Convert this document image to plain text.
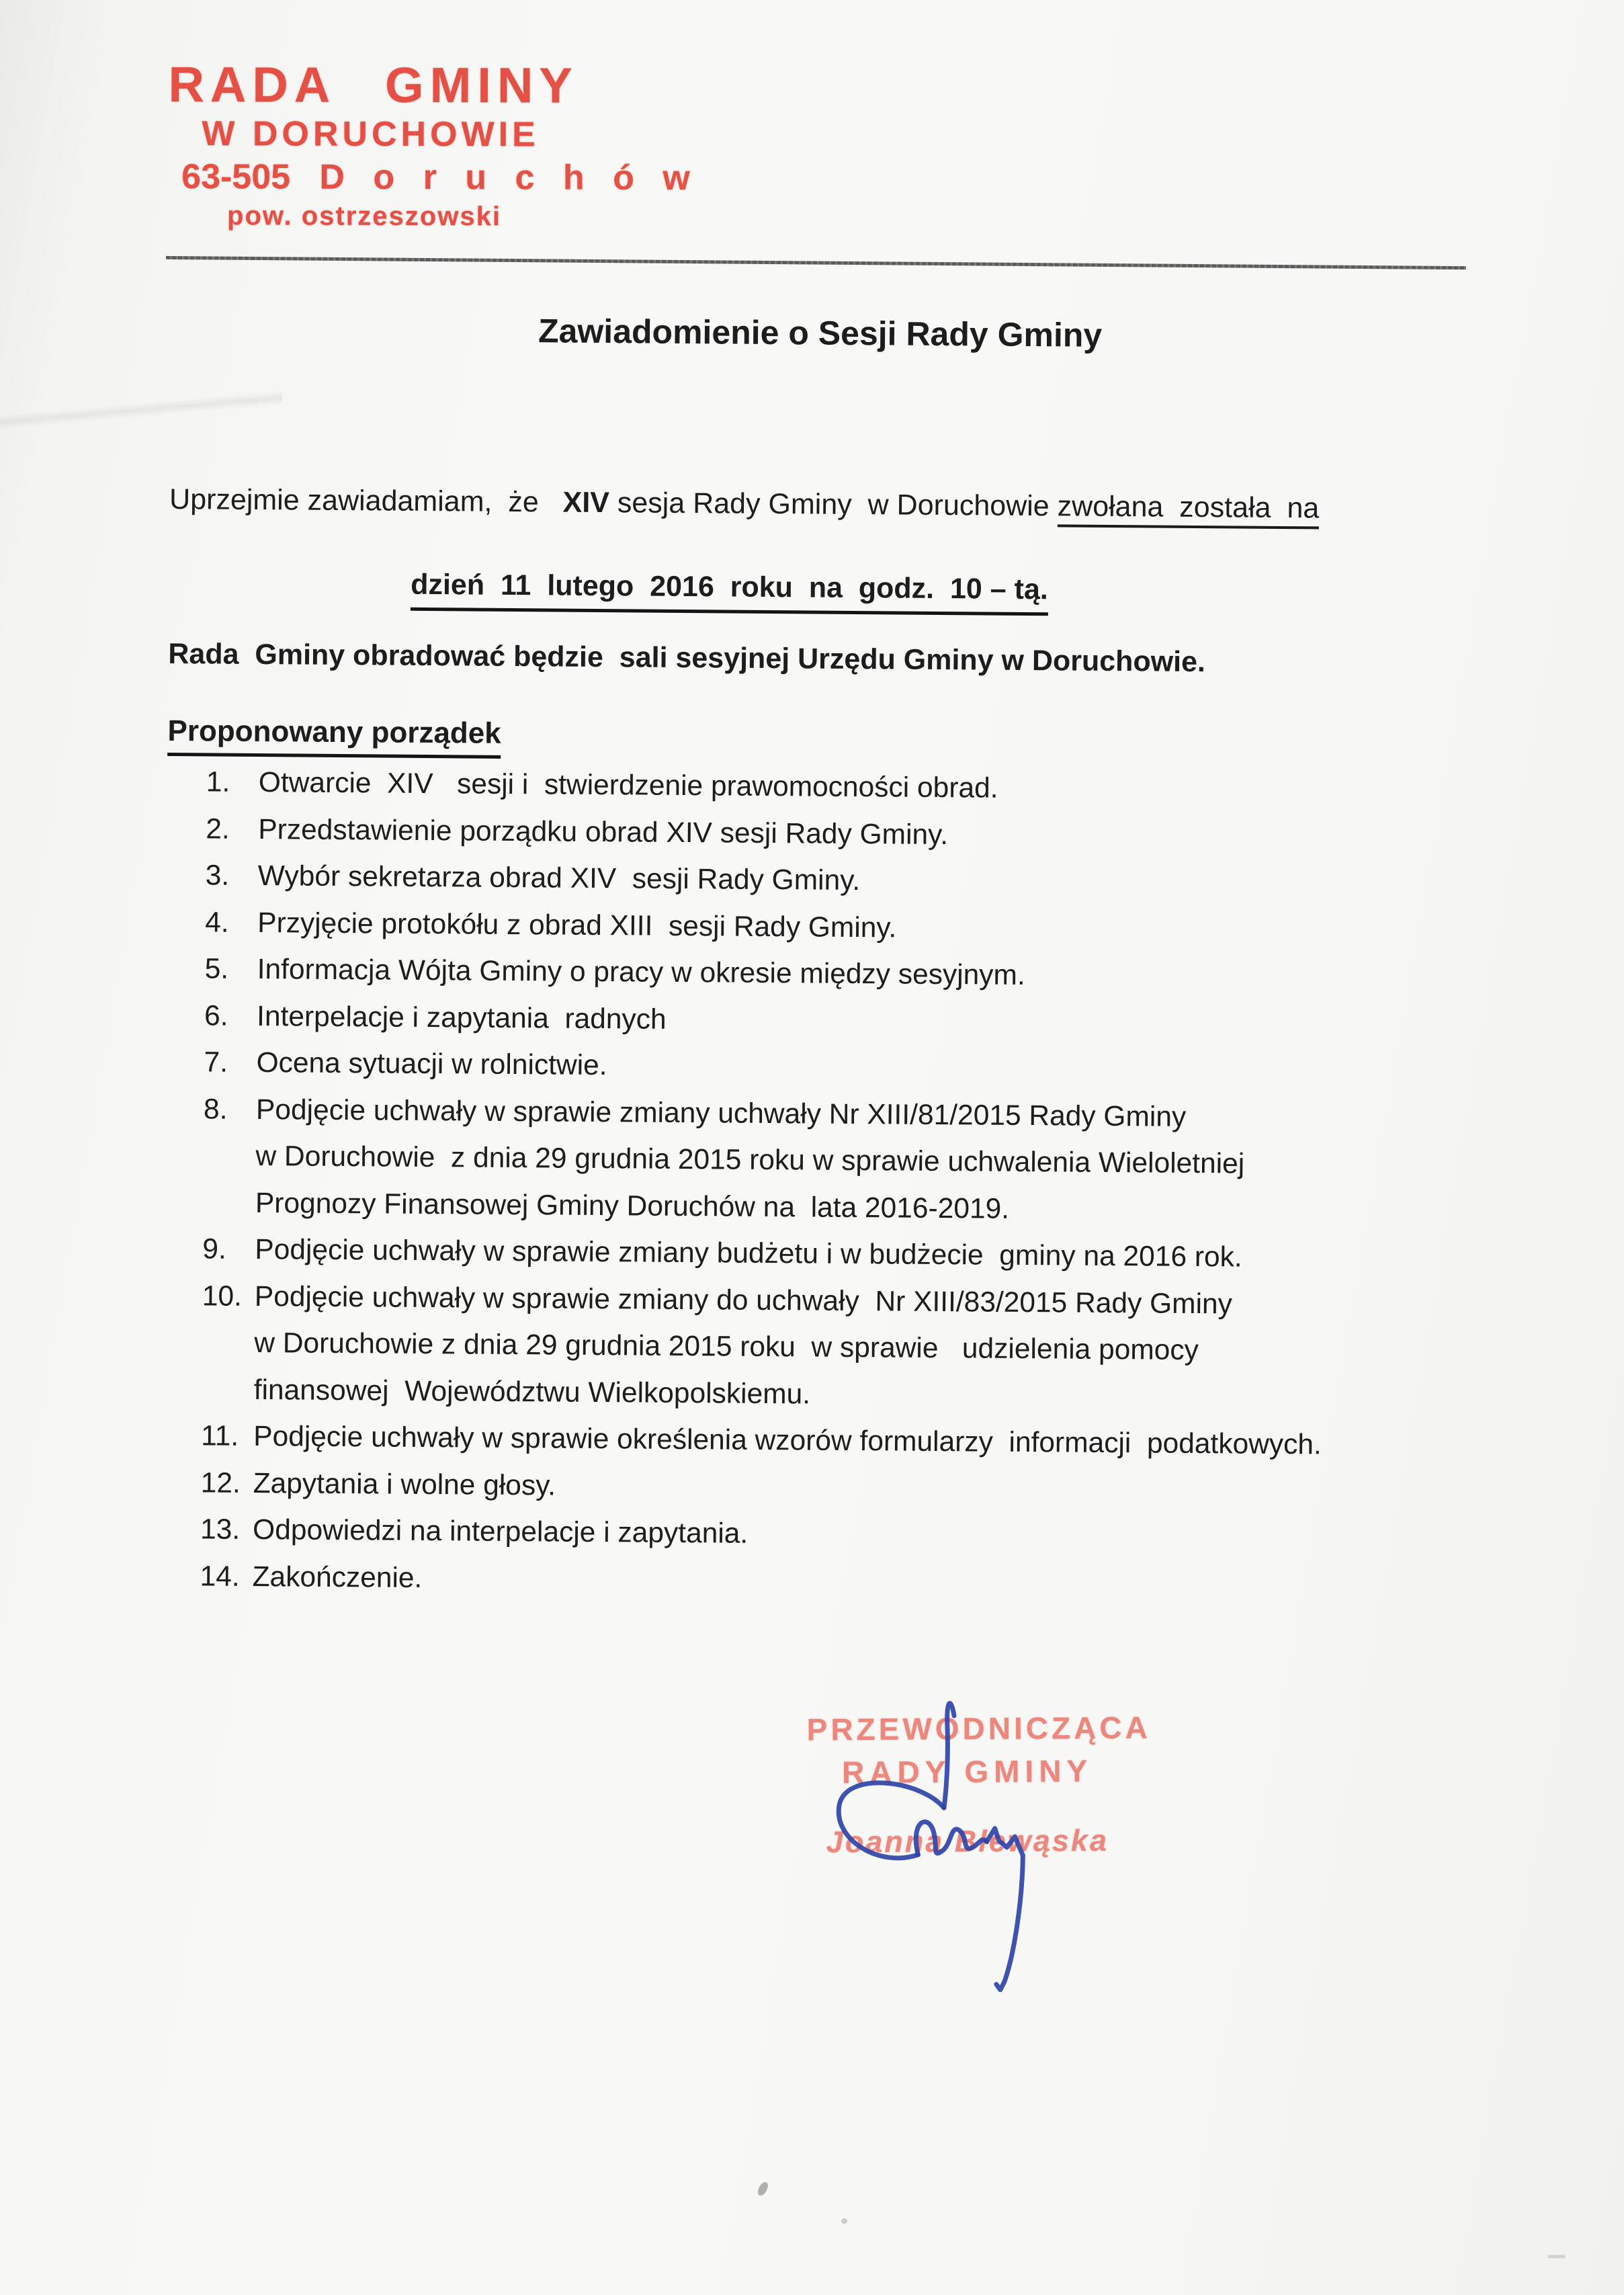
RADA GMINY
W DORUCHOWIE
63-505 D o r u c h ó w
pow. ostrzeszowski
Zawiadomienie o Sesji Rady Gminy
Uprzejmie zawiadamiam,  że   XIV sesja Rady Gminy  w Doruchowie zwołana  została  na
dzień  11  lutego  2016  roku  na  godz.  10 – tą.
Rada  Gminy obradować będzie  sali sesyjnej Urzędu Gminy w Doruchowie.
Proponowany porządek
1. Otwarcie  XIV   sesji i  stwierdzenie prawomocności obrad.
2. Przedstawienie porządku obrad XIV sesji Rady Gminy.
3. Wybór sekretarza obrad XIV  sesji Rady Gminy.
4. Przyjęcie protokółu z obrad XIII  sesji Rady Gminy.
5. Informacja Wójta Gminy o pracy w okresie między sesyjnym.
6. Interpelacje i zapytania  radnych
7. Ocena sytuacji w rolnictwie.
8. Podjęcie uchwały w sprawie zmiany uchwały Nr XIII/81/2015 Rady Gminy
w Doruchowie  z dnia 29 grudnia 2015 roku w sprawie uchwalenia Wieloletniej
Prognozy Finansowej Gminy Doruchów na  lata 2016-2019.
9. Podjęcie uchwały w sprawie zmiany budżetu i w budżecie  gminy na 2016 rok.
10. Podjęcie uchwały w sprawie zmiany do uchwały  Nr XIII/83/2015 Rady Gminy
w Doruchowie z dnia 29 grudnia 2015 roku  w sprawie   udzielenia pomocy
finansowej  Województwu Wielkopolskiemu.
11. Podjęcie uchwały w sprawie określenia wzorów formularzy  informacji  podatkowych.
12. Zapytania i wolne głosy.
13. Odpowiedzi na interpelacje i zapytania.
14. Zakończenie.
PRZEWODNICZĄCA
RADY GMINY
Joanna Blewąska
